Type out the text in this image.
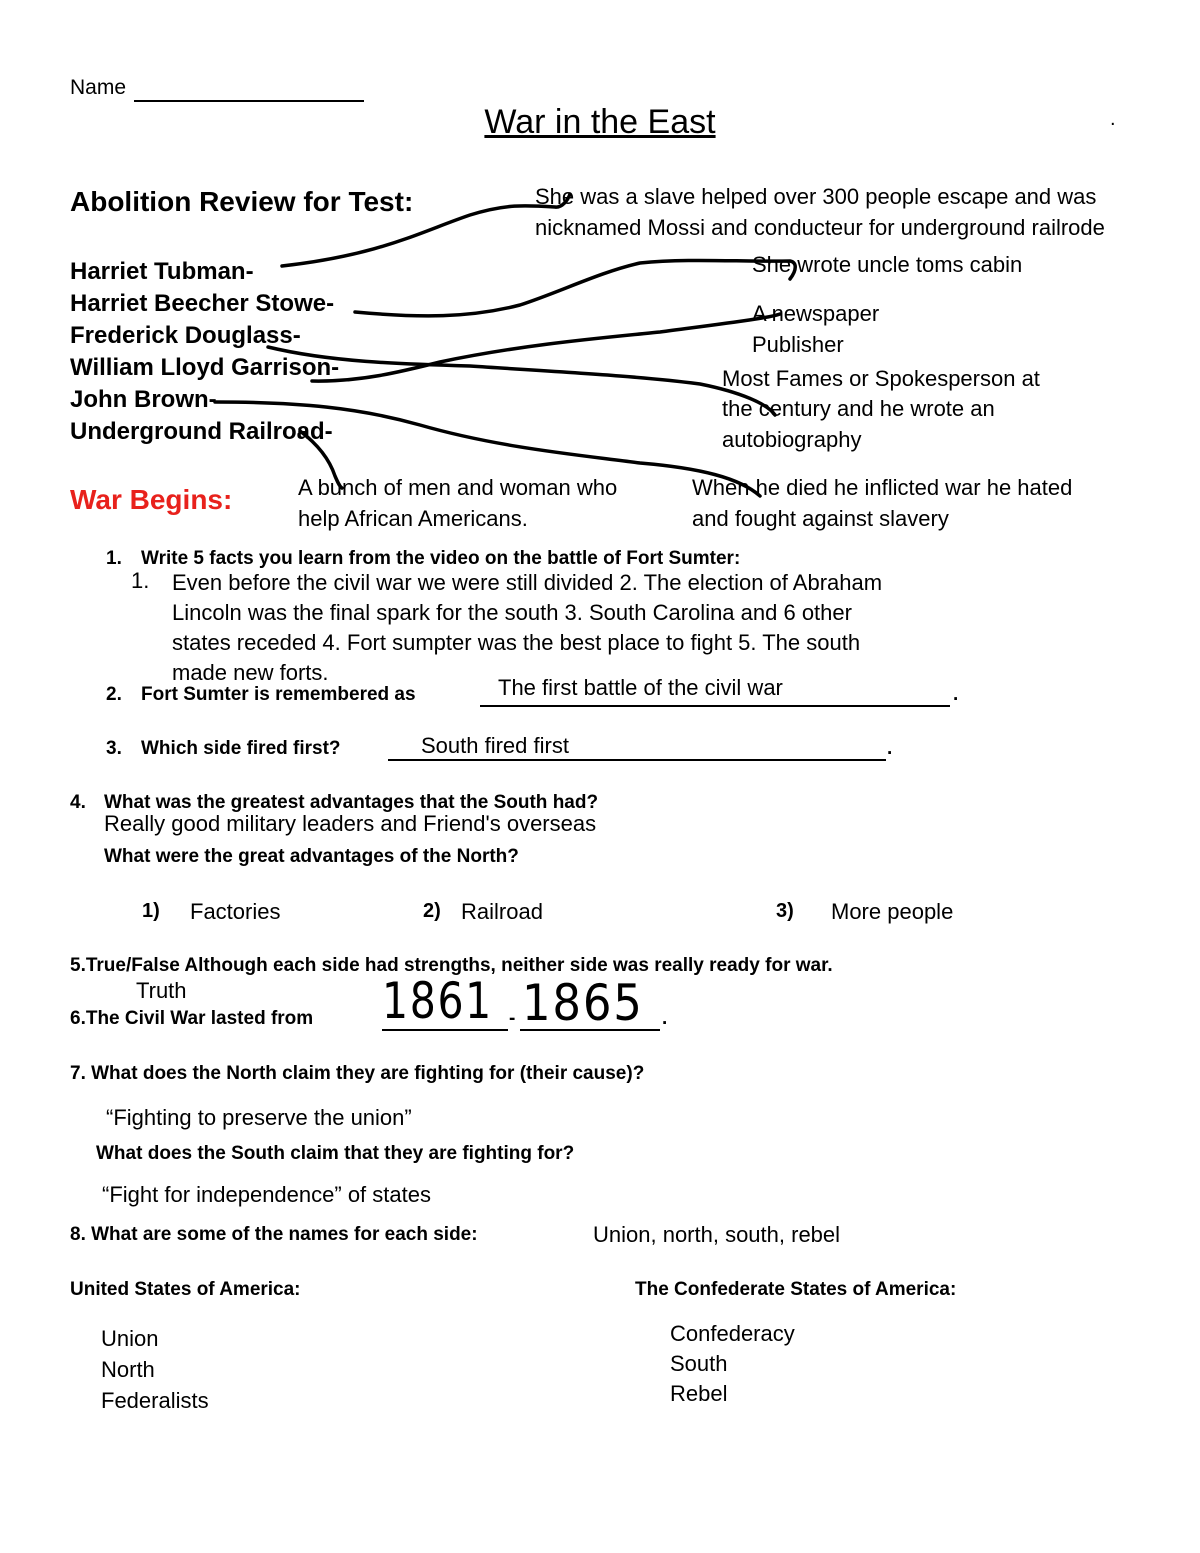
Name
War in the East	.
Abolition Review for Test:
Harriet Tubman-
Harriet Beecher Stowe-
Frederick Douglass-
William Lloyd Garrison-
John Brown-
Underground Railroad-
She was a slave helped over 300 people escape and was
nicknamed Mossi and conducteur for underground railrode
She wrote uncle toms cabin
A newspaper
Publisher
Most Fames or Spokesperson at
the century and he wrote an
autobiography
A bunch of men and woman who
help African Americans.
When he died he inflicted war he hated
and fought against slavery
War Begins:
1. Write 5 facts you learn from the video on the battle of Fort Sumter:
1. Even before the civil war we were still divided 2. The election of Abraham
Lincoln was the final spark for the south 3. South Carolina and 6 other
states receded 4. Fort sumpter was the best place to fight 5. The south
made new forts.
2. Fort Sumter is remembered as	.
The first battle of the civil war
3. Which side fired first?	.
South fired first
4. What was the greatest advantages that the South had?
Really good military leaders and Friend's overseas
What were the great advantages of the North?
1) Factories	2) Railroad	3) More people
5.True/False Although each side had strengths, neither side was really ready for war.
Truth
6.The Civil War lasted from	-	.
1861 1865
7. What does the North claim they are fighting for (their cause)?
“Fighting to preserve the union”
What does the South claim that they are fighting for?
“Fight for independence” of states
8. What are some of the names for each side:	Union, north, south, rebel
United States of America:
Union
North
Federalists
The Confederate States of America:
Confederacy
South
Rebel
